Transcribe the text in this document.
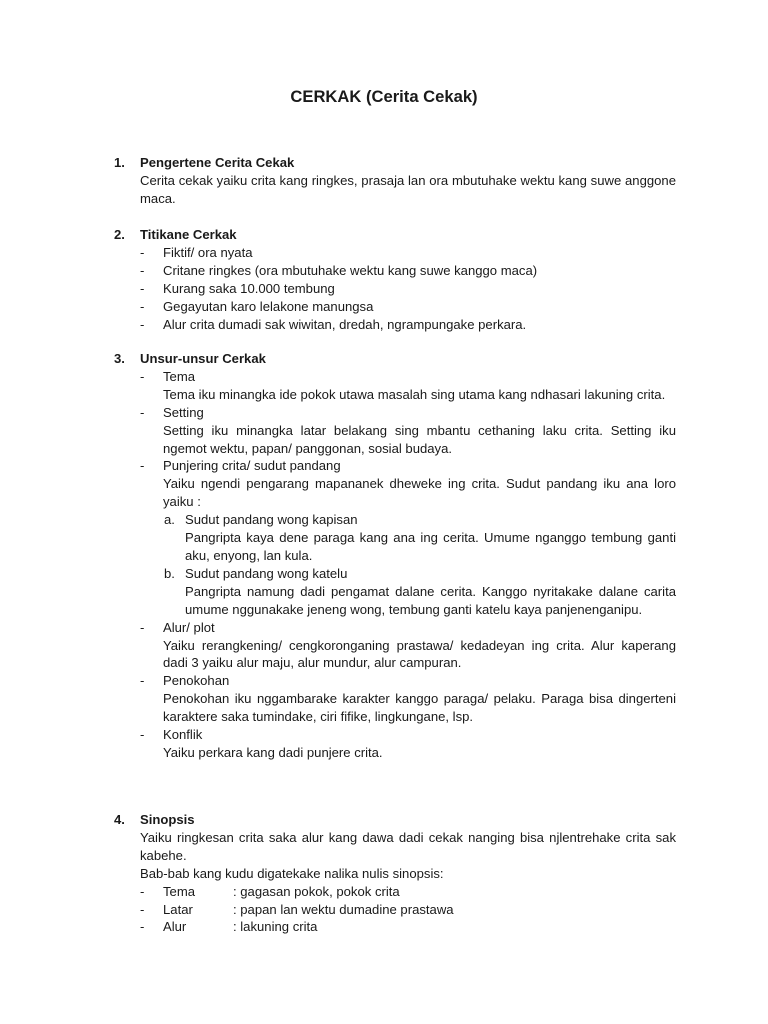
CERKAK (Cerita Cekak)
1. Pengertene Cerita Cekak
Cerita cekak yaiku crita kang ringkes, prasaja lan ora mbutuhake wektu kang suwe anggone maca.
2. Titikane Cerkak
- Fiktif/ ora nyata
- Critane ringkes (ora mbutuhake wektu kang suwe kanggo maca)
- Kurang saka 10.000 tembung
- Gegayutan karo lelakone manungsa
- Alur crita dumadi sak wiwitan, dredah, ngrampungake perkara.
3. Unsur-unsur Cerkak
- Tema
Tema iku minangka ide pokok utawa masalah sing utama kang ndhasari lakuning crita.
- Setting
Setting iku minangka latar belakang sing mbantu cethaning laku crita. Setting iku ngemot wektu, papan/ panggonan, sosial budaya.
- Punjering crita/ sudut pandang
Yaiku ngendi pengarang mapananek dheweke ing crita. Sudut pandang iku ana loro yaiku :
a. Sudut pandang wong kapisan
Pangripta kaya dene paraga kang ana ing cerita. Umume nganggo tembung ganti aku, enyong, lan kula.
b. Sudut pandang wong katelu
Pangripta namung dadi pengamat dalane cerita. Kanggo nyritakake dalane carita umume nggunakake jeneng wong, tembung ganti katelu kaya panjenenganipu.
- Alur/ plot
Yaiku rerangkening/ cengkoronganing prastawa/ kedadeyan ing crita. Alur kaperang dadi 3 yaiku alur maju, alur mundur, alur campuran.
- Penokohan
Penokohan iku nggambarake karakter kanggo paraga/ pelaku. Paraga bisa dingerteni karaktere saka tumindake, ciri fifike, lingkungane, lsp.
- Konflik
Yaiku perkara kang dadi punjere crita.
4. Sinopsis
Yaiku ringkesan crita saka alur kang dawa dadi cekak nanging bisa njlentrehake crita sak kabehe.
Bab-bab kang kudu digatekake nalika nulis sinopsis:
- Tema	: gagasan pokok, pokok crita
- Latar	: papan lan wektu dumadine prastawa
- Alur	: lakuning crita
